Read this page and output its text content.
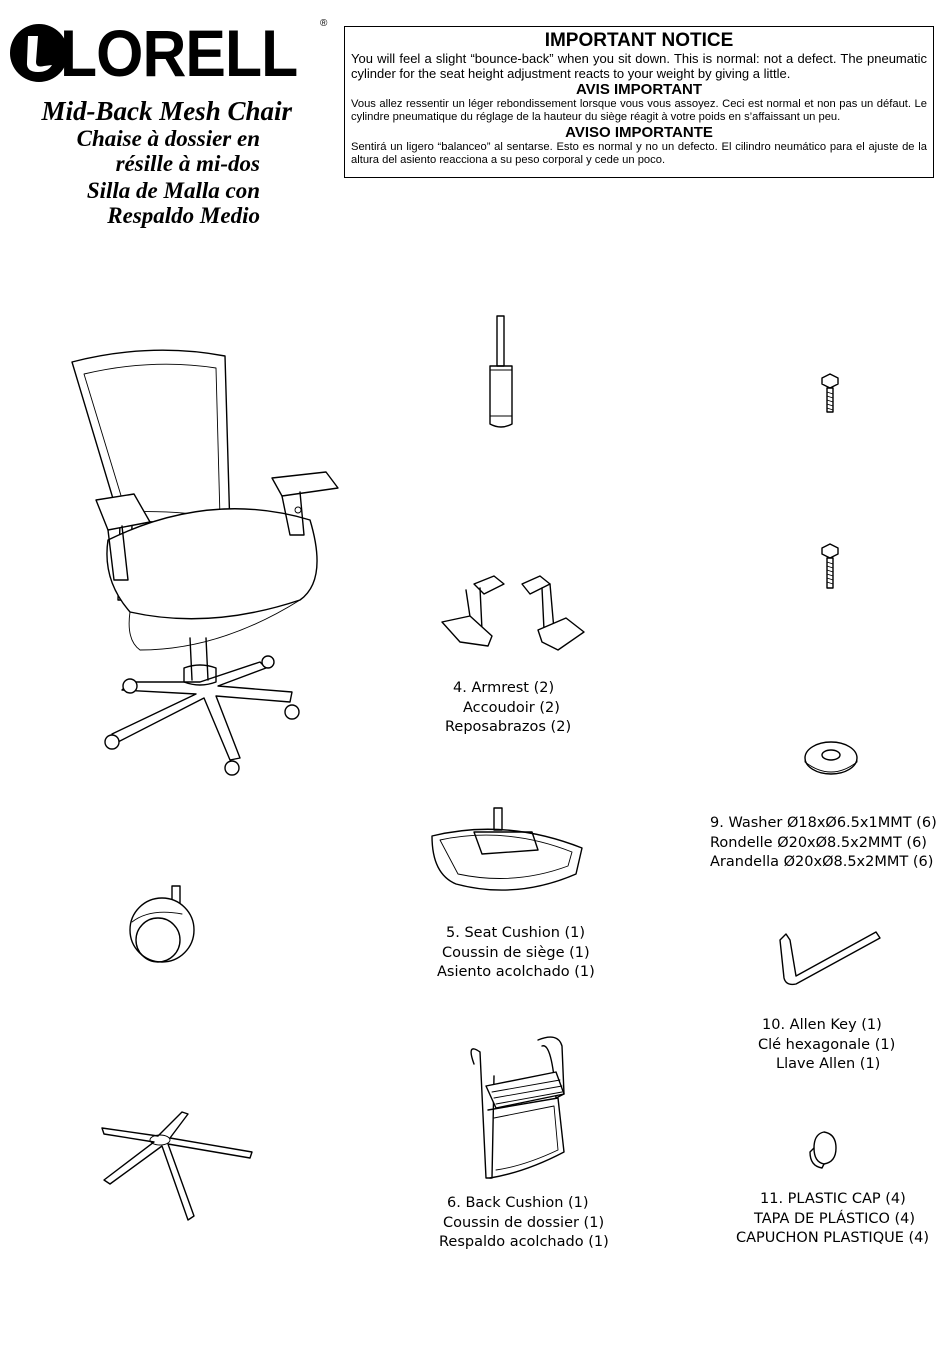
LORELL ®
Mid-Back Mesh Chair
Chaise à dossier en
résille à mi-dos
Silla de Malla con
Respaldo Medio
IMPORTANT NOTICE

You will feel a slight “bounce-back” when you sit down. This is normal: not a defect. The pneumatic cylinder for the seat height adjustment reacts to your weight by giving a little.

AVIS IMPORTANT

Vous allez ressentir un léger rebondissement lorsque vous vous assoyez. Ceci est normal et non pas un défaut. Le cylindre pneumatique du réglage de la hauteur du siège réagit à votre poids en s’affaissant un peu.

AVISO IMPORTANTE

Sentirá un ligero “balanceo” al sentarse. Esto es normal y no un defecto. El cilindro neumático para el ajuste de la altura del asiento reacciona a su peso corporal y cede un poco.

4. Armrest (2)
Accoudoir (2)
Reposabrazos (2)
5. Seat Cushion (1)
Coussin de siège (1)
Asiento acolchado (1)
6. Back Cushion (1)
Coussin de dossier (1)
Respaldo acolchado (1)
9. Washer Ø18xØ6.5x1MMT (6)
Rondelle Ø20xØ8.5x2MMT (6)
Arandella Ø20xØ8.5x2MMT (6)
10. Allen Key (1)
Clé hexagonale (1)
Llave Allen (1)
11. PLASTIC CAP (4)
TAPA DE PLÁSTICO (4)
CAPUCHON PLASTIQUE (4)
